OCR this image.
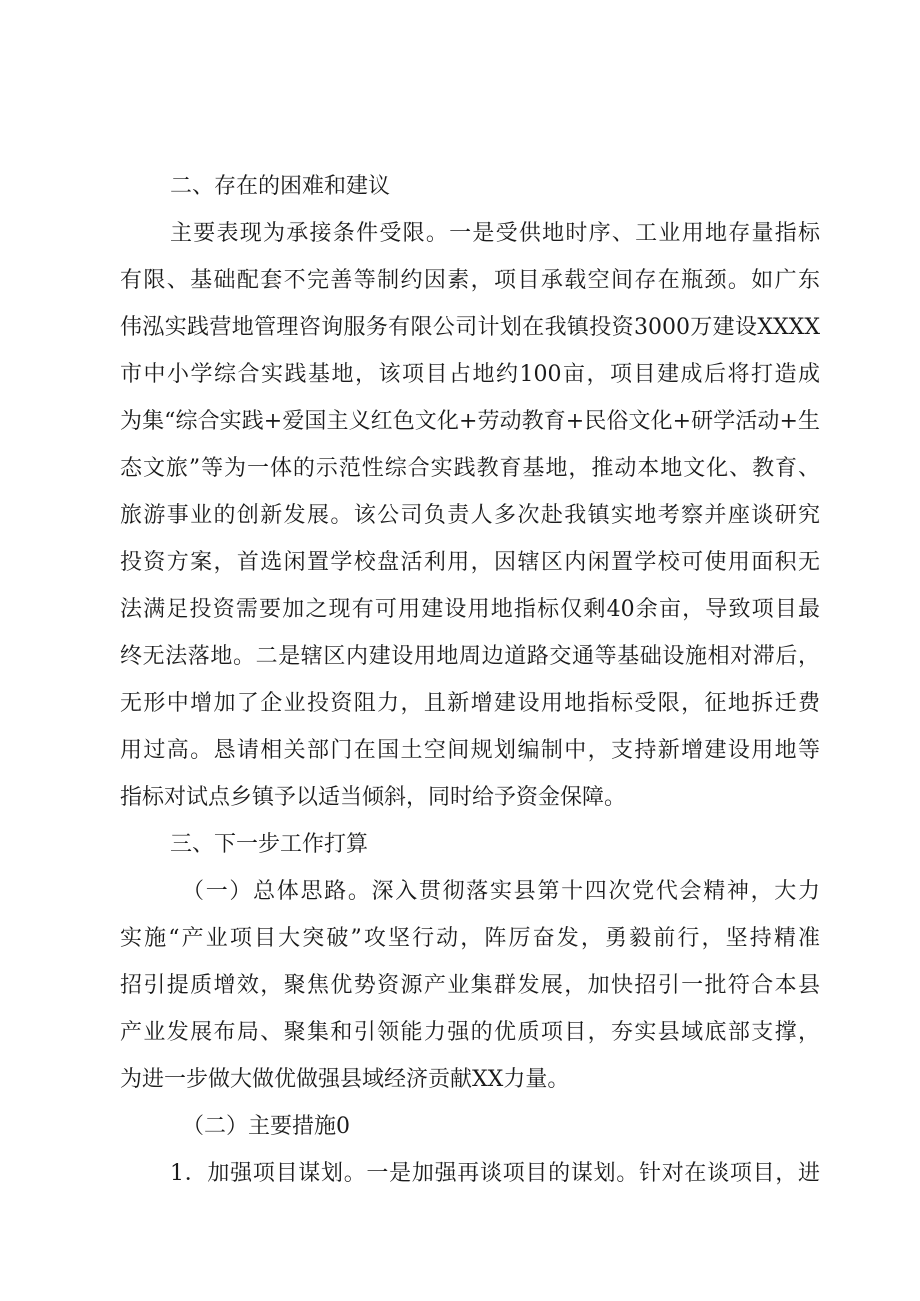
二、存在的困难和建议
主要表现为承接条件受限。一是受供地时序、工业用地存量指标
有限、基础配套不完善等制约因素，项目承载空间存在瓶颈。如广东
伟泓实践营地管理咨询服务有限公司计划在我镇投资3000万建设XXXX
市中小学综合实践基地，该项目占地约100亩，项目建成后将打造成
为集“综合实践+爱国主义红色文化+劳动教育+民俗文化+研学活动+生
态文旅”等为一体的示范性综合实践教育基地，推动本地文化、教育、
旅游事业的创新发展。该公司负责人多次赴我镇实地考察并座谈研究
投资方案，首选闲置学校盘活利用，因辖区内闲置学校可使用面积无
法满足投资需要加之现有可用建设用地指标仅剩40余亩，导致项目最
终无法落地。二是辖区内建设用地周边道路交通等基础设施相对滞后，
无形中增加了企业投资阻力，且新增建设用地指标受限，征地拆迁费
用过高。恳请相关部门在国土空间规划编制中，支持新增建设用地等
指标对试点乡镇予以适当倾斜，同时给予资金保障。
三、下一步工作打算
（一）总体思路。深入贯彻落实县第十四次党代会精神，大力
实施“产业项目大突破”攻坚行动，阵厉奋发，勇毅前行，坚持精准
招引提质增效，聚焦优势资源产业集群发展，加快招引一批符合本县
产业发展布局、聚集和引领能力强的优质项目，夯实县域底部支撑，
为进一步做大做优做强县域经济贡献XX力量。
（二）主要措施0
1．加强项目谋划。一是加强再谈项目的谋划。针对在谈项目，进
